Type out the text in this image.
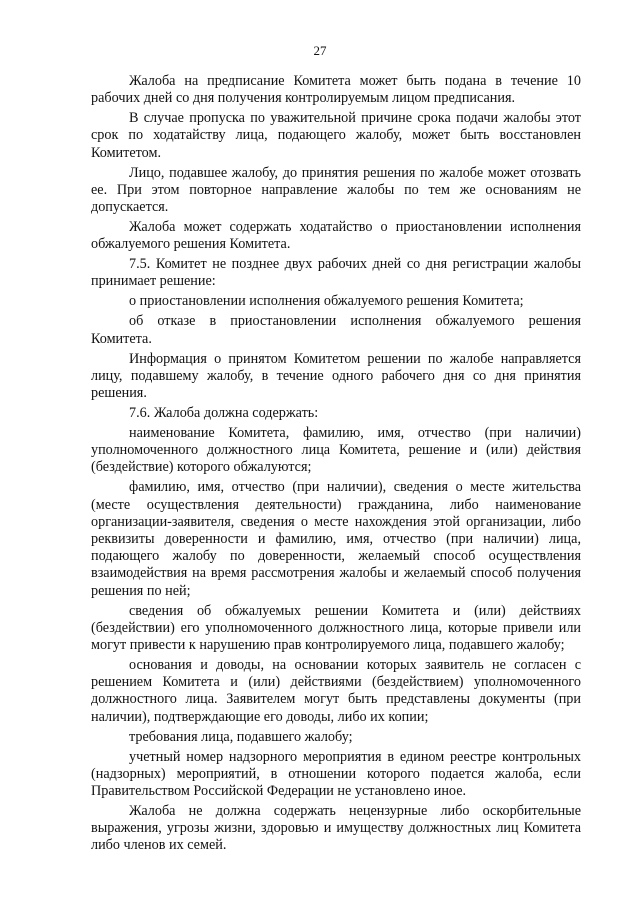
27

Жалоба на предписание Комитета может быть подана в течение 10 рабочих дней со дня получения контролируемым лицом предписания.

В случае пропуска по уважительной причине срока подачи жалобы этот срок по ходатайству лица, подающего жалобу, может быть восстановлен Комитетом.

Лицо, подавшее жалобу, до принятия решения по жалобе может отозвать ее. При этом повторное направление жалобы по тем же основаниям не допускается.

Жалоба может содержать ходатайство о приостановлении исполнения обжалуемого решения Комитета.

7.5. Комитет не позднее двух рабочих дней со дня регистрации жалобы принимает решение:

о приостановлении исполнения обжалуемого решения Комитета;

об отказе в приостановлении исполнения обжалуемого решения Комитета.

Информация о принятом Комитетом решении по жалобе направляется лицу, подавшему жалобу, в течение одного рабочего дня со дня принятия решения.

7.6. Жалоба должна содержать:

наименование Комитета, фамилию, имя, отчество (при наличии) уполномоченного должностного лица Комитета, решение и (или) действия (бездействие) которого обжалуются;

фамилию, имя, отчество (при наличии), сведения о месте жительства (месте осуществления деятельности) гражданина, либо наименование организации-заявителя, сведения о месте нахождения этой организации, либо реквизиты доверенности и фамилию, имя, отчество (при наличии) лица, подающего жалобу по доверенности, желаемый способ осуществления взаимодействия на время рассмотрения жалобы и желаемый способ получения решения по ней;

сведения об обжалуемых решении Комитета и (или) действиях (бездействии) его уполномоченного должностного лица, которые привели или могут привести к нарушению прав контролируемого лица, подавшего жалобу;

основания и доводы, на основании которых заявитель не согласен с решением Комитета и (или) действиями (бездействием) уполномоченного должностного лица. Заявителем могут быть представлены документы (при наличии), подтверждающие его доводы, либо их копии;

требования лица, подавшего жалобу;

учетный номер надзорного мероприятия в едином реестре контрольных (надзорных) мероприятий, в отношении которого подается жалоба, если Правительством Российской Федерации не установлено иное.

Жалоба не должна содержать нецензурные либо оскорбительные выражения, угрозы жизни, здоровью и имуществу должностных лиц Комитета либо членов их семей.
